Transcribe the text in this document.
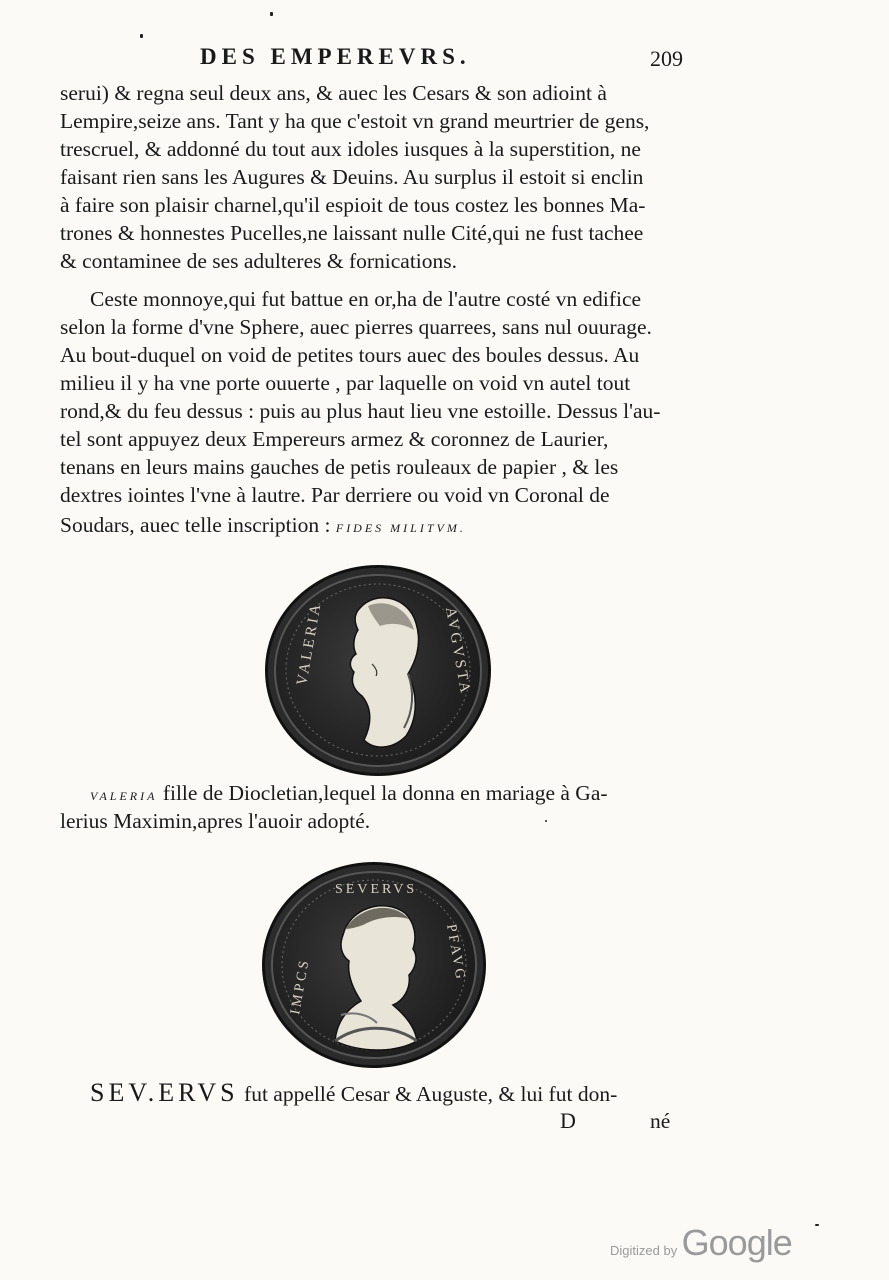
DES EMPEREVRS.	209
serui) & regna seul deux ans, & auec les Cesars & son adioint à
Lempire,seize ans. Tant y ha que c'estoit vn grand meurtrier de gens,
trescruel, & addonné du tout aux idoles iusques à la superstition, ne
faisant rien sans les Augures & Deuins. Au surplus il estoit si enclin
à faire son plaisir charnel,qu'il espioit de tous costez les bonnes Ma-
trones & honnestes Pucelles,ne laissant nulle Cité,qui ne fust tachee
& contaminee de ses adulteres & fornications.
Ceste monnoye,qui fut battue en or,ha de l'autre costé vn edifice
selon la forme d'vne Sphere, auec pierres quarrees, sans nul ouurage.
Au bout-duquel on void de petites tours auec des boules dessus. Au
milieu il y ha vne porte ouuerte , par laquelle on void vn autel tout
rond,& du feu dessus : puis au plus haut lieu vne estoille. Dessus l'au-
tel sont appuyez deux Empereurs armez & coronnez de Laurier,
tenans en leurs mains gauches de petis rouleaux de papier , & les
dextres iointes l'vne à lautre. Par derriere ou void vn Coronal de
Soudars, auec telle inscription : FIDES MILITVM.
VALERIA	AVGVSTA
VALERIA fille de Diocletian,lequel la donna en mariage à Ga-
lerius Maximin,apres l'auoir adopté.
SEVERVS
IMPCS
PFAVG
SEV.ERVS fut appellé Cesar & Auguste, & lui fut don-
D	né
Digitized by Google
